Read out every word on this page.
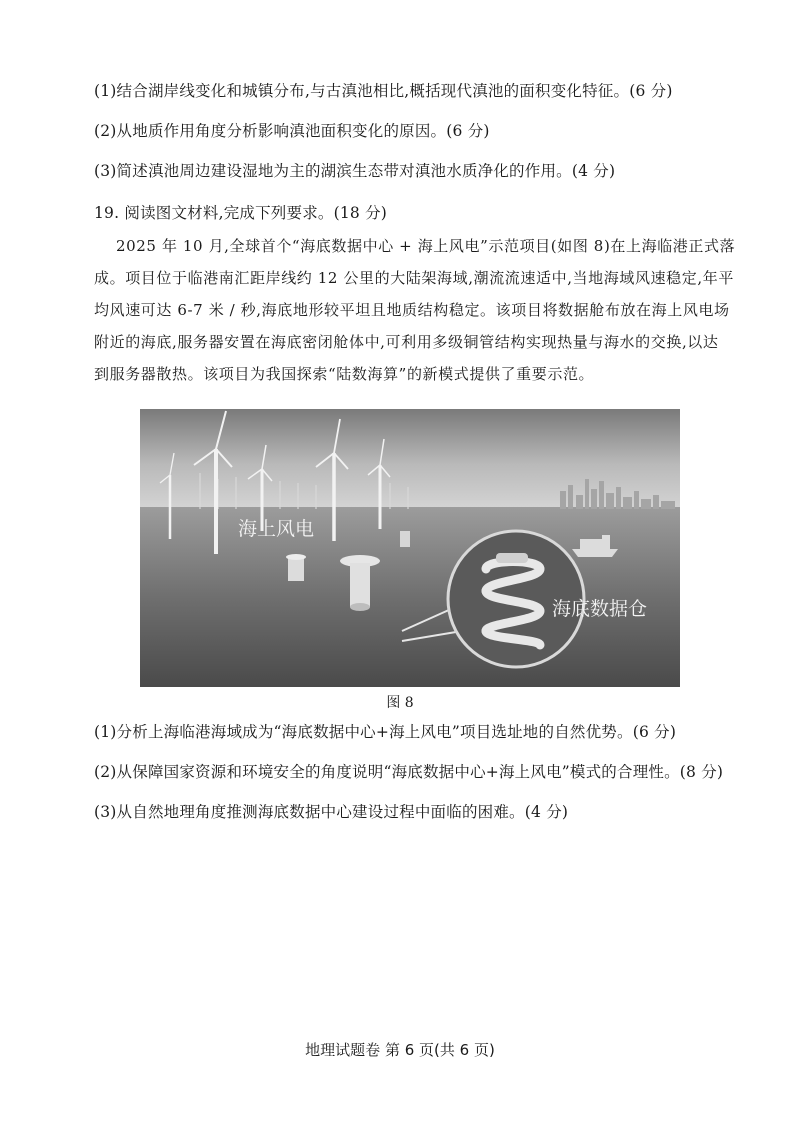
(1)结合湖岸线变化和城镇分布,与古滇池相比,概括现代滇池的面积变化特征。(6 分)
(2)从地质作用角度分析影响滇池面积变化的原因。(6 分)
(3)简述滇池周边建设湿地为主的湖滨生态带对滇池水质净化的作用。(4 分)
19. 阅读图文材料,完成下列要求。(18 分)
2025 年 10 月,全球首个“海底数据中心 + 海上风电”示范项目(如图 8)在上海临港正式落
成。项目位于临港南汇距岸线约 12 公里的大陆架海域,潮流流速适中,当地海域风速稳定,年平
均风速可达 6-7 米 / 秒,海底地形较平坦且地质结构稳定。该项目将数据舱布放在海上风电场
附近的海底,服务器安置在海底密闭舱体中,可利用多级铜管结构实现热量与海水的交换,以达
到服务器散热。该项目为我国探索“陆数海算”的新模式提供了重要示范。
海上风电
海底数据仓
图 8
(1)分析上海临港海域成为“海底数据中心+海上风电”项目选址地的自然优势。(6 分)
(2)从保障国家资源和环境安全的角度说明“海底数据中心+海上风电”模式的合理性。(8 分)
(3)从自然地理角度推测海底数据中心建设过程中面临的困难。(4 分)
地理试题卷 第 6 页(共 6 页)
